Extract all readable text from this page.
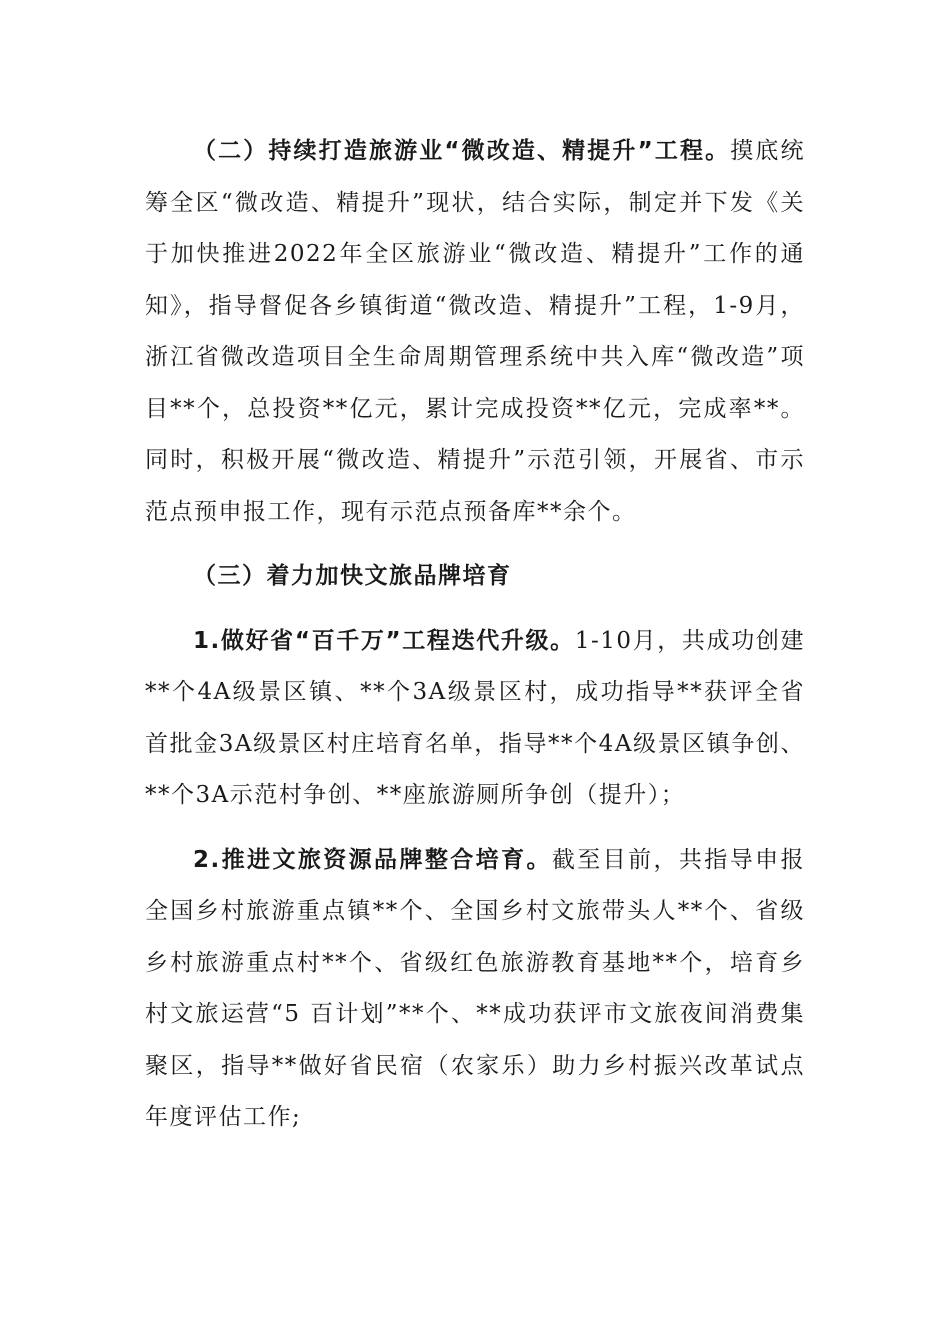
（二）持续打造旅游业“微改造、精提升”工程。摸底统筹全区“微改造、精提升”现状，结合实际，制定并下发《关于加快推进2022年全区旅游业“微改造、精提升”工作的通知》，指导督促各乡镇街道“微改造、精提升”工程，1-9月，浙江省微改造项目全生命周期管理系统中共入库“微改造”项目**个，总投资**亿元，累计完成投资**亿元，完成率**。同时，积极开展“微改造、精提升”示范引领，开展省、市示范点预申报工作，现有示范点预备库**余个。

（三）着力加快文旅品牌培育

1.做好省“百千万”工程迭代升级。1-10月，共成功创建**个4A级景区镇、**个3A级景区村，成功指导**获评全省首批金3A级景区村庄培育名单，指导**个4A级景区镇争创、**个3A示范村争创、**座旅游厕所争创（提升）；

2.推进文旅资源品牌整合培育。截至目前，共指导申报全国乡村旅游重点镇**个、全国乡村文旅带头人**个、省级乡村旅游重点村**个、省级红色旅游教育基地**个，培育乡村文旅运营“5 百计划”**个、**成功获评市文旅夜间消费集聚区，指导**做好省民宿（农家乐）助力乡村振兴改革试点年度评估工作;
